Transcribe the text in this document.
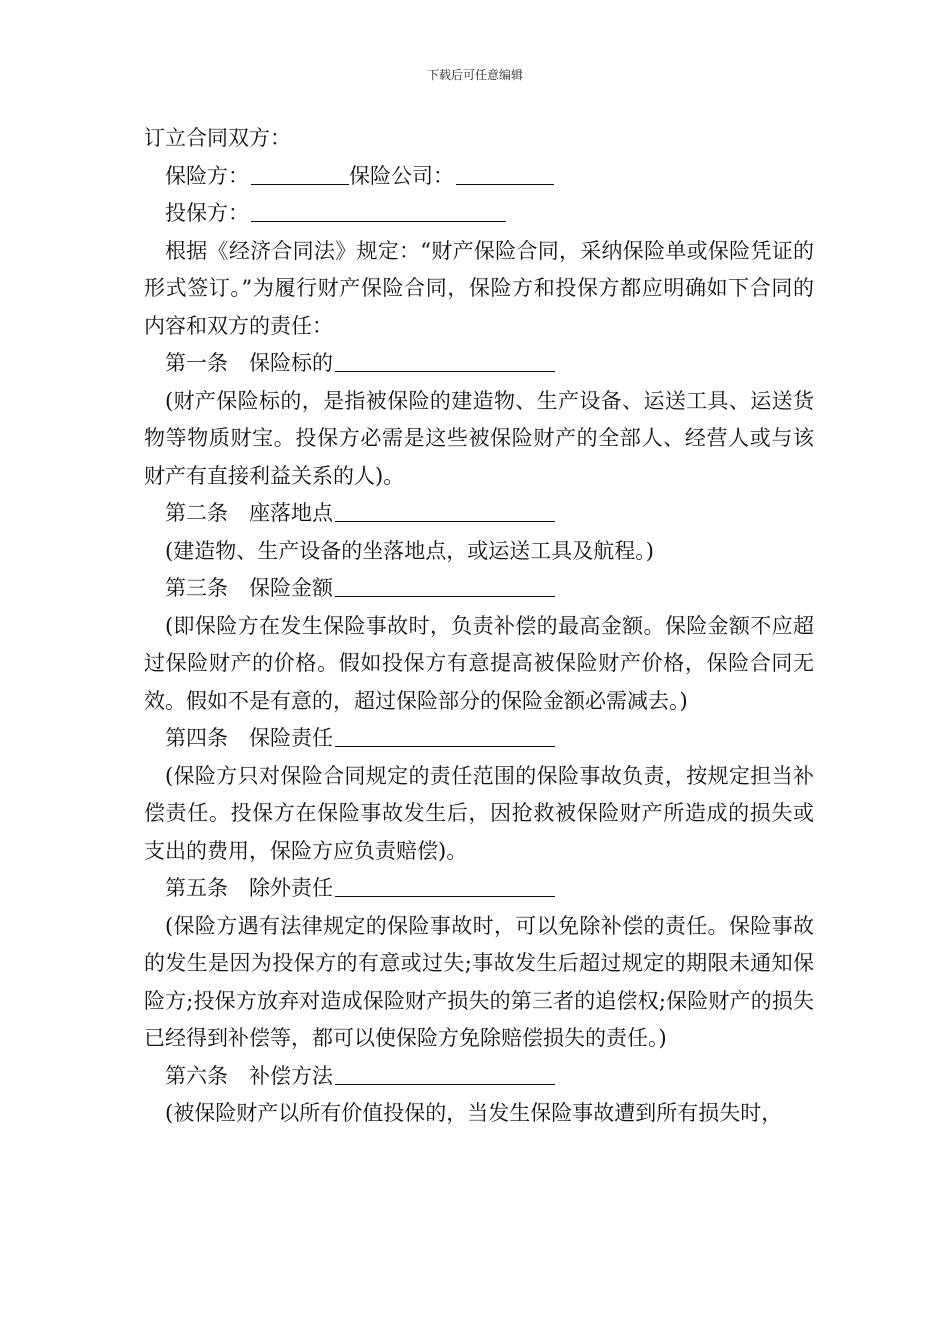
下载后可任意编辑
订立合同双方：
保险方：	保险公司：
投保方：
根据《经济合同法》规定：“财产保险合同，采纳保险单或保险凭证的形式签订。”为履行财产保险合同，保险方和投保方都应明确如下合同的内容和双方的责任：
第一条 保险标的
(财产保险标的，是指被保险的建造物、生产设备、运送工具、运送货物等物质财宝。投保方必需是这些被保险财产的全部人、经营人或与该财产有直接利益关系的人)。
第二条 座落地点
(建造物、生产设备的坐落地点，或运送工具及航程。)
第三条 保险金额
(即保险方在发生保险事故时，负责补偿的最高金额。保险金额不应超过保险财产的价格。假如投保方有意提高被保险财产价格，保险合同无效。假如不是有意的，超过保险部分的保险金额必需减去。)
第四条 保险责任
(保险方只对保险合同规定的责任范围的保险事故负责，按规定担当补偿责任。投保方在保险事故发生后，因抢救被保险财产所造成的损失或支出的费用，保险方应负责赔偿)。
第五条 除外责任
(保险方遇有法律规定的保险事故时，可以免除补偿的责任。保险事故的发生是因为投保方的有意或过失;事故发生后超过规定的期限未通知保险方;投保方放弃对造成保险财产损失的第三者的追偿权;保险财产的损失已经得到补偿等，都可以使保险方免除赔偿损失的责任。)
第六条 补偿方法
(被保险财产以所有价值投保的，当发生保险事故遭到所有损失时，
